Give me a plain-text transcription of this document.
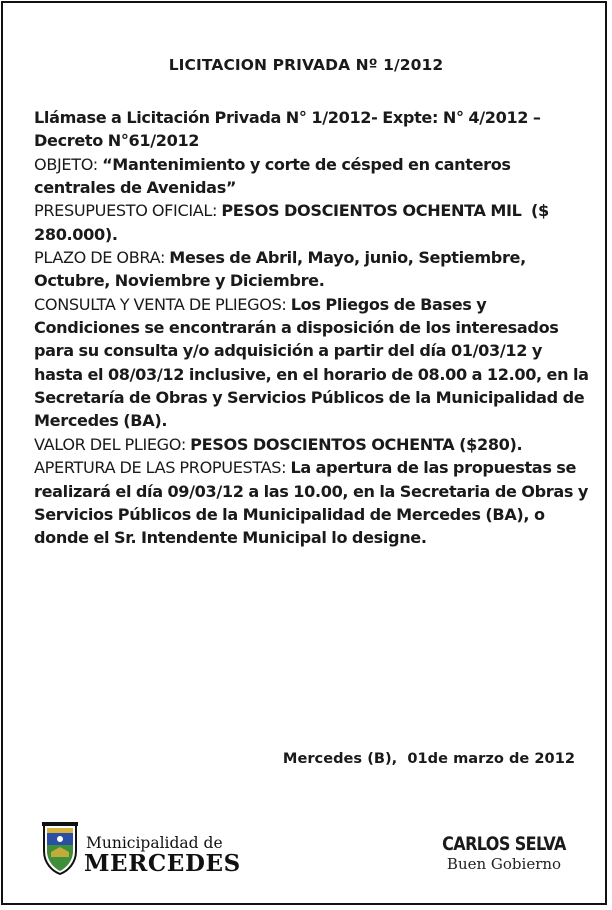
LICITACION PRIVADA Nº 1/2012

Llámase a Licitación Privada N° 1/2012- Expte: N° 4/2012 – Decreto N°61/2012

OBJETO: “Mantenimiento y corte de césped en canteros centrales de Avenidas”

PRESUPUESTO OFICIAL: PESOS DOSCIENTOS OCHENTA MIL  ($ 280.000).

PLAZO DE OBRA: Meses de Abril, Mayo, junio, Septiembre, Octubre, Noviembre y Diciembre.

CONSULTA Y VENTA DE PLIEGOS: Los Pliegos de Bases y Condiciones se encontrarán a disposición de los interesados para su consulta y/o adquisición a partir del día 01/03/12 y hasta el 08/03/12 inclusive, en el horario de 08.00 a 12.00, en la Secretaría de Obras y Servicios Públicos de la Municipalidad de Mercedes (BA).

VALOR DEL PLIEGO: PESOS DOSCIENTOS OCHENTA ($280).

APERTURA DE LAS PROPUESTAS: La apertura de las propuestas se realizará el día 09/03/12 a las 10.00, en la Secretaria de Obras y Servicios Públicos de la Municipalidad de Mercedes (BA), o donde el Sr. Intendente Municipal lo designe.

Mercedes (B),  01de marzo de 2012
Municipalidad de
MERCEDES
CARLOS SELVA
Buen Gobierno
